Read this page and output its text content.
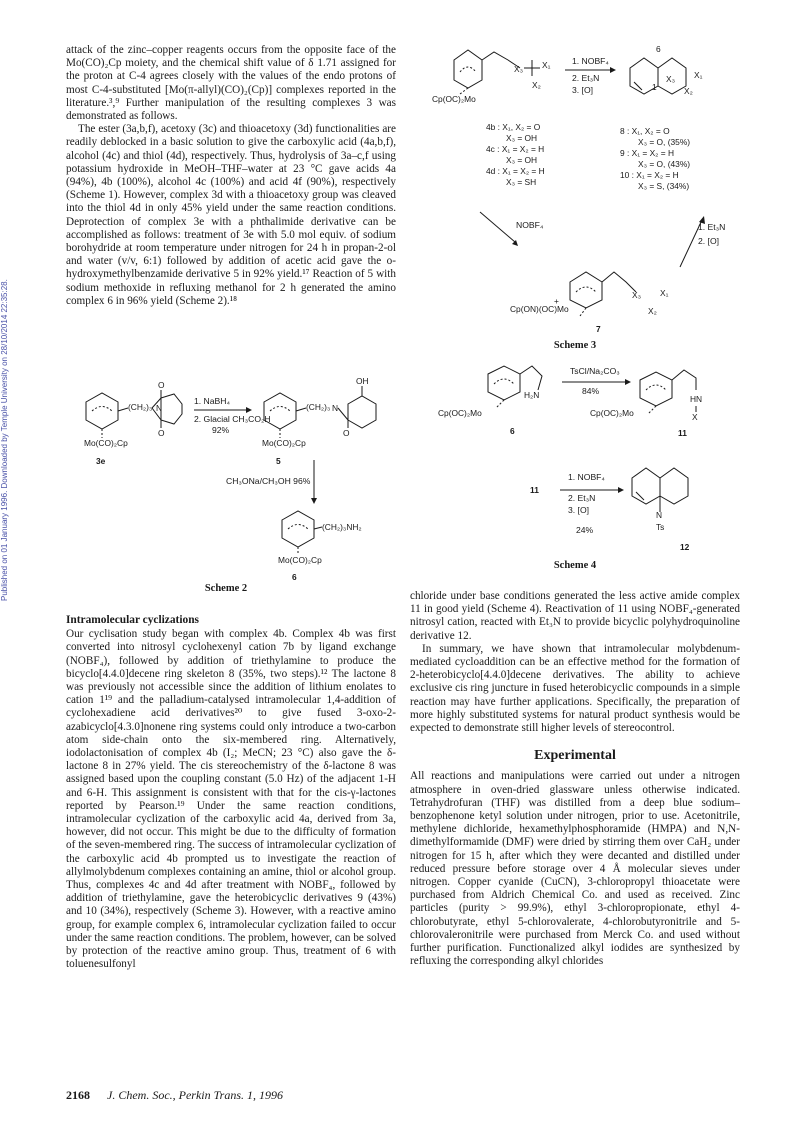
Published on 01 January 1996. Downloaded by Temple University on 28/10/2014 22:35:28.

attack of the zinc–copper reagents occurs from the opposite face of the Mo(CO)₂Cp moiety, and the chemical shift value of δ 1.71 assigned for the proton at C-4 agrees closely with the values of the endo protons of most C-4-substituted [Mo(π-allyl)(CO)₂(Cp)] complexes reported in the literature.³,⁹ Further manipulation of the resulting complexes 3 was demonstrated as follows.

The ester (3a,b,f), acetoxy (3c) and thioacetoxy (3d) functionalities are readily deblocked in a basic solution to give the carboxylic acid (4a,b,f), alcohol (4c) and thiol (4d), respectively. Thus, hydrolysis of 3a–c,f using potassium hydroxide in MeOH–THF–water at 23 °C gave acids 4a (94%), 4b (100%), alcohol 4c (100%) and acid 4f (90%), respectively (Scheme 1). However, complex 3d with a thioacetoxy group was cleaved into the thiol 4d in only 45% yield under the same reaction conditions. Deprotection of complex 3e with a phthalimide derivative can be accomplished as follows: treatment of 3e with 5.0 mol equiv. of sodium borohydride at room temperature under nitrogen for 24 h in propan-2-ol and water (v/v, 6:1) followed by addition of acetic acid gave the o-hydroxymethylbenzamide derivative 5 in 92% yield.¹⁷ Reaction of 5 with sodium methoxide in refluxing methanol for 2 h generated the amino complex 6 in 96% yield (Scheme 2).¹⁸

(CH₂)₃ N
O
O
Mo(CO)₂Cp
3e
1. NaBH₄
2. Glacial CH₃CO₂H
92%
(CH₂)₃ N
OH
O
Mo(CO)₂Cp
5
CH₃ONa/CH₃OH 96%
(CH₂)₃NH₂
Mo(CO)₂Cp
6
Scheme 2
Intramolecular cyclizations

Our cyclisation study began with complex 4b. Complex 4b was first converted into nitrosyl cyclohexenyl cation 7b by ligand exchange (NOBF₄), followed by addition of triethylamine to produce the bicyclo[4.4.0]decene ring skeleton 8 (35%, two steps).¹² The lactone 8 was previously not accessible since the addition of lithium enolates to cation 1¹⁹ and the palladium-catalysed intramolecular 1,4-addition of cyclohexadiene acid derivatives²⁰ to give fused 3-oxo-2-azabicyclo[4.3.0]nonene ring systems could only introduce a two-carbon atom side-chain onto the six-membered ring. Alternatively, iodolactonisation of complex 4b (I₂; MeCN; 23 °C) also gave the δ-lactone 8 in 27% yield. The cis stereochemistry of the δ-lactone 8 was assigned based upon the coupling constant (5.0 Hz) of the adjacent 1-H and 6-H. This assignment is consistent with that for the cis-γ-lactones reported by Pearson.¹⁹ Under the same reaction conditions, intramolecular cyclization of the carboxylic acid 4a, derived from 3a, however, did not occur. This might be due to the difficulty of formation of the seven-membered ring. The success of intramolecular cyclization of the carboxylic acid 4b prompted us to investigate the reaction of allylmolybdenum complexes containing an amine, thiol or alcohol group. Thus, complexes 4c and 4d after treatment with NOBF₄, followed by addition of triethylamine, gave the heterobicyclic derivatives 9 (43%) and 10 (34%), respectively (Scheme 3). However, with a reactive amino group, for example complex 6, intramolecular cyclization failed to occur under the same reaction conditions. The problem, however, can be solved by protection of the reactive amino group. Thus, treatment of 6 with toluenesulfonyl

X₃ X₁
X₂
Cp(OC)₂Mo
1. NOBF₄
2. Et₃N
3. [O]
6
1
X₃ X₁
X₂
4b : X₁, X₂ = O
X₃ = OH
4c : X₁ = X₂ = H
X₃ = OH
4d : X₁ = X₂ = H
X₃ = SH
8 : X₁, X₂ = O
X₃ = O, (35%)
9 : X₁ = X₂ = H
X₃ = O, (43%)
10 : X₁ = X₂ = H
X₃ = S, (34%)
NOBF₄	1. Et₃N
2. [O]
+
X₃ X₁
X₂
Cp(ON)(OC)Mo
7
Scheme 3
H₂N
Cp(OC)₂Mo
6
TsCl/Na₂CO₃
84%
HN
X
Cp(OC)₂Mo
11
11
1. NOBF₄
2. Et₃N
3. [O]
24%
N
Ts
12
Scheme 4

chloride under base conditions generated the less active amide complex 11 in good yield (Scheme 4). Reactivation of 11 using NOBF₄-generated nitrosyl cation, reacted with Et₃N to provide bicyclic polyhydroquinoline derivative 12.

In summary, we have shown that intramolecular molybdenum-mediated cycloaddition can be an effective method for the formation of 2-heterobicyclo[4.4.0]decene derivatives. The ability to achieve exclusive cis ring juncture in fused heterobicyclic compounds in a simple reaction may have further applications. Specifically, the preparation of more highly substituted systems for natural product synthesis would be expected to demonstrate still higher levels of stereocontrol.

Experimental

All reactions and manipulations were carried out under a nitrogen atmosphere in oven-dried glassware unless otherwise indicated. Tetrahydrofuran (THF) was distilled from a deep blue sodium–benzophenone ketyl solution under nitrogen, prior to use. Acetonitrile, methylene dichloride, hexamethylphosphoramide (HMPA) and N,N-dimethylformamide (DMF) were dried by stirring them over CaH₂ under nitrogen for 15 h, after which they were decanted and distilled under reduced pressure before storage over 4 Å molecular sieves under nitrogen. Copper cyanide (CuCN), 3-chloropropyl thioacetate were purchased from Aldrich Chemical Co. and used as received. Zinc particles (purity > 99.9%), ethyl 3-chloropropionate, ethyl 4-chlorobutyrate, ethyl 5-chlorovalerate, 4-chlorobutyronitrile and 5-chlorovaleronitrile were purchased from Merck Co. and used without further purification. Functionalized alkyl iodides are synthesized by refluxing the corresponding alkyl chlorides

2168 J. Chem. Soc., Perkin Trans. 1, 1996
